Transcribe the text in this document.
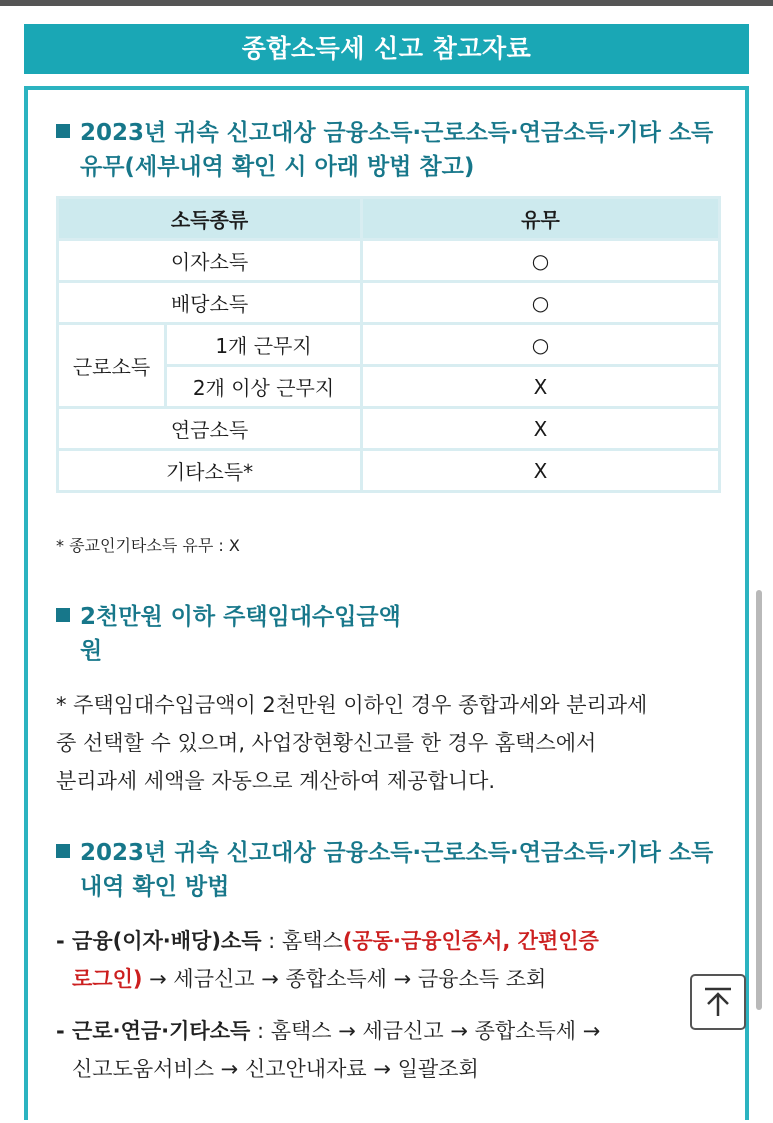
종합소득세 신고 참고자료
2023년 귀속 신고대상 금융소득·근로소득·연금소득·기타 소득
유무(세부내역 확인 시 아래 방법 참고)
소득종류		유무
이자소득		○
배당소득		○
근로소득	1개 근무지	○
	2개 이상 근무지	X
연금소득		X
기타소득*		X
* 종교인기타소득 유무 : X
2천만원 이하 주택임대수입금액
원
* 주택임대수입금액이 2천만원 이하인 경우 종합과세와 분리과세
중 선택할 수 있으며, 사업장현황신고를 한 경우 홈택스에서
분리과세 세액을 자동으로 계산하여 제공합니다.
2023년 귀속 신고대상 금융소득·근로소득·연금소득·기타 소득
내역 확인 방법
- 금융(이자·배당)소득 : 홈택스(공동·금융인증서, 간편인증
로그인) → 세금신고 → 종합소득세 → 금융소득 조회
- 근로·연금·기타소득 : 홈택스 → 세금신고 → 종합소득세 →
신고도움서비스 → 신고안내자료 → 일괄조회
